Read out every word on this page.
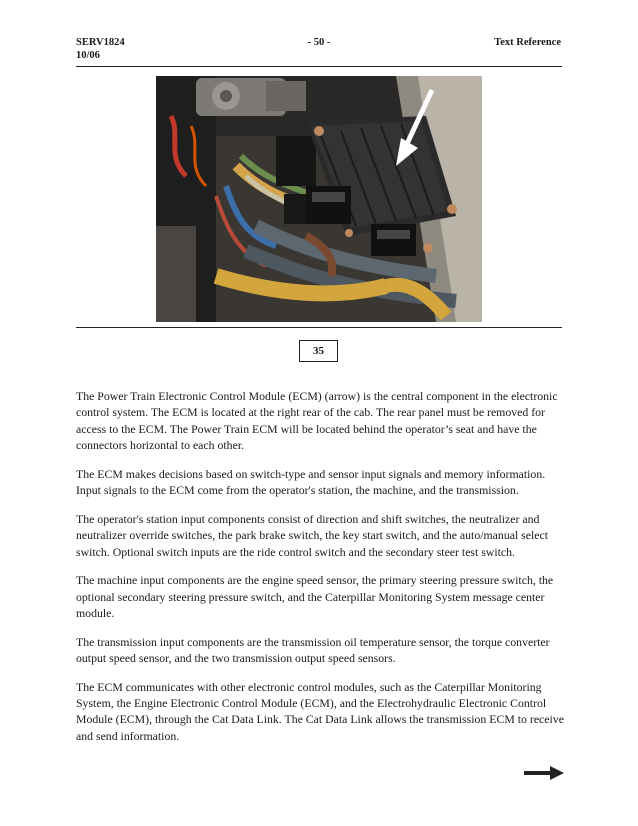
SERV1824
10/06
- 50 -	Text Reference
35

The Power Train Electronic Control Module (ECM) (arrow) is the central component in the electronic control system. The ECM is located at the right rear of the cab. The rear panel must be removed for access to the ECM. The Power Train ECM will be located behind the operator’s seat and have the connectors horizontal to each other.

The ECM makes decisions based on switch-type and sensor input signals and memory information. Input signals to the ECM come from the operator's station, the machine, and the transmission.

The operator's station input components consist of direction and shift switches, the neutralizer and neutralizer override switches, the park brake switch, the key start switch, and the auto/manual select switch. Optional switch inputs are the ride control switch and the secondary steer test switch.

The machine input components are the engine speed sensor, the primary steering pressure switch, the optional secondary steering pressure switch, and the Caterpillar Monitoring System message center module.

The transmission input components are the transmission oil temperature sensor, the torque converter output speed sensor, and the two transmission output speed sensors.

The ECM communicates with other electronic control modules, such as the Caterpillar Monitoring System, the Engine Electronic Control Module (ECM), and the Electrohydraulic Electronic Control Module (ECM), through the Cat Data Link. The Cat Data Link allows the transmission ECM to receive and send information.
